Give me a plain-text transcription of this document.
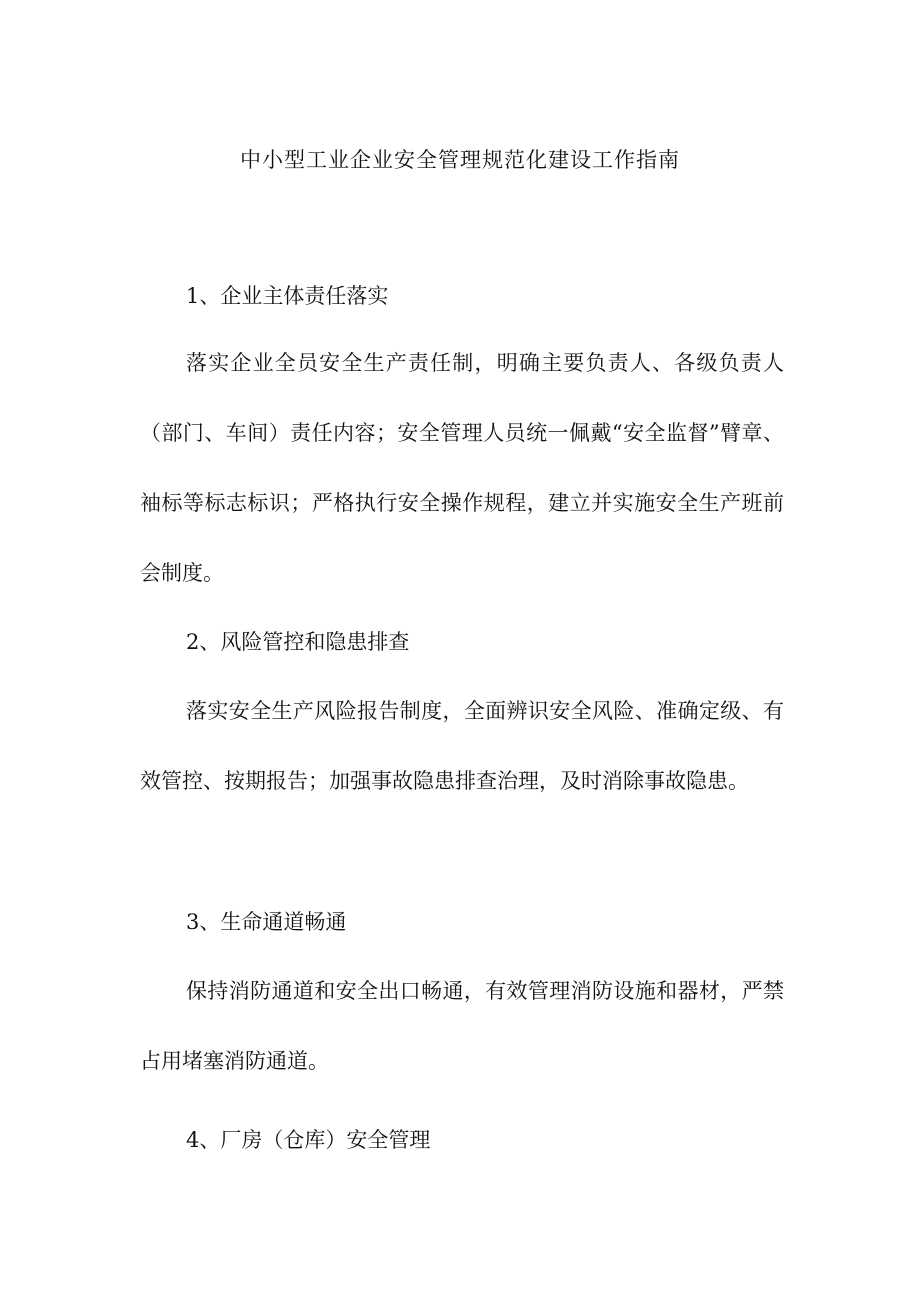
中小型工业企业安全管理规范化建设工作指南
1、企业主体责任落实

落实企业全员安全生产责任制，明确主要负责人、各级负责人（部门、车间）责任内容；安全管理人员统一佩戴“安全监督”臂章、袖标等标志标识；严格执行安全操作规程，建立并实施安全生产班前会制度。

2、风险管控和隐患排查

落实安全生产风险报告制度，全面辨识安全风险、准确定级、有效管控、按期报告；加强事故隐患排查治理，及时消除事故隐患。

3、生命通道畅通

保持消防通道和安全出口畅通，有效管理消防设施和器材，严禁占用堵塞消防通道。

4、厂房（仓库）安全管理
